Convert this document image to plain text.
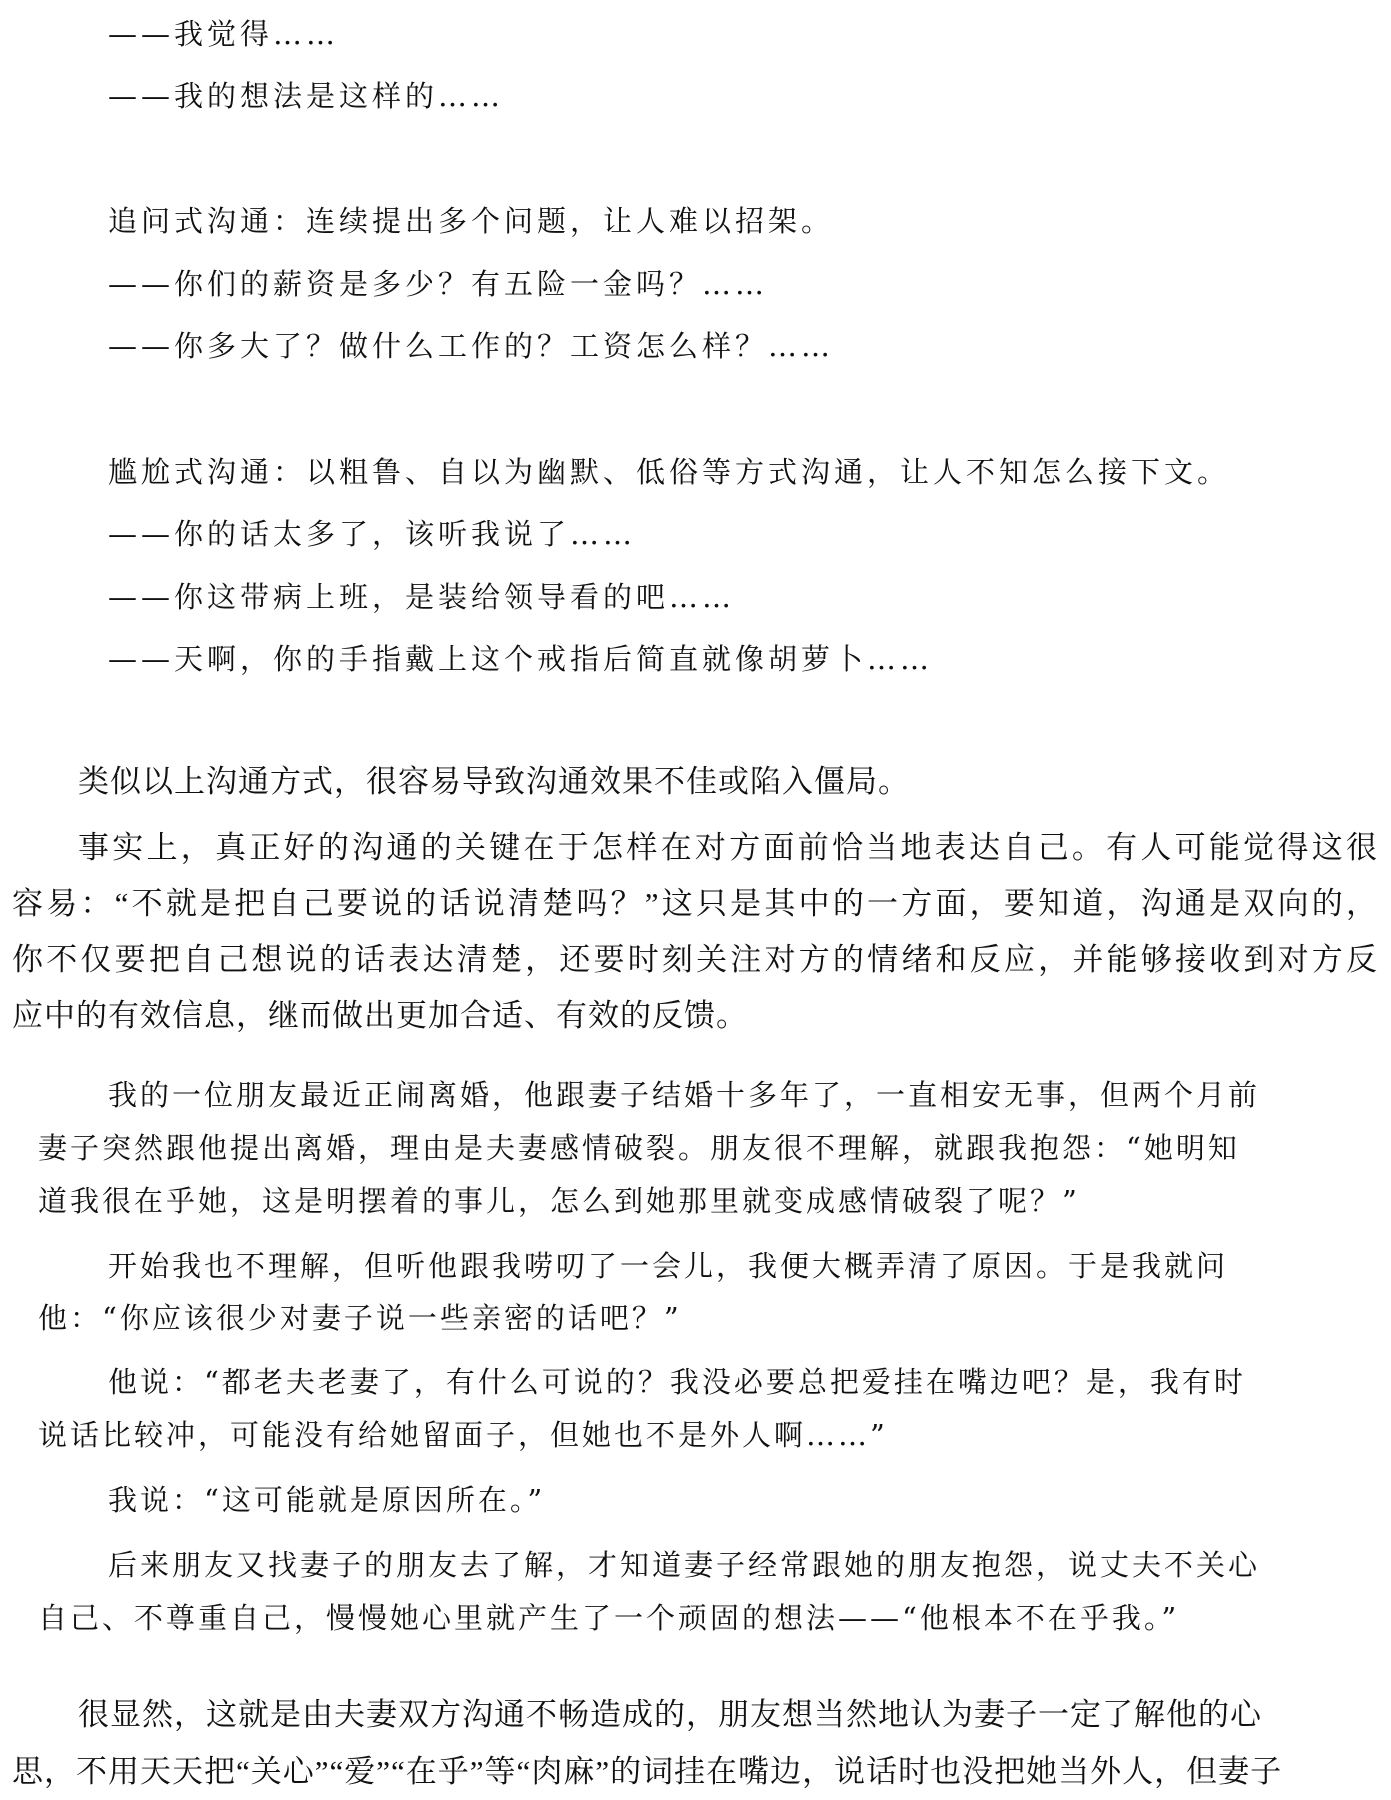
——我觉得……
——我的想法是这样的……
追问式沟通：连续提出多个问题，让人难以招架。
——你们的薪资是多少？有五险一金吗？……
——你多大了？做什么工作的？工资怎么样？……
尴尬式沟通：以粗鲁、自以为幽默、低俗等方式沟通，让人不知怎么接下文。
——你的话太多了，该听我说了……
——你这带病上班，是装给领导看的吧……
——天啊，你的手指戴上这个戒指后简直就像胡萝卜……
类似以上沟通方式，很容易导致沟通效果不佳或陷入僵局。
事实上，真正好的沟通的关键在于怎样在对方面前恰当地表达自己。有人可能觉得这很
容易：“不就是把自己要说的话说清楚吗？”这只是其中的一方面，要知道，沟通是双向的，
你不仅要把自己想说的话表达清楚，还要时刻关注对方的情绪和反应，并能够接收到对方反
应中的有效信息，继而做出更加合适、有效的反馈。
我的一位朋友最近正闹离婚，他跟妻子结婚十多年了，一直相安无事，但两个月前
妻子突然跟他提出离婚，理由是夫妻感情破裂。朋友很不理解，就跟我抱怨：“她明知
道我很在乎她，这是明摆着的事儿，怎么到她那里就变成感情破裂了呢？”
开始我也不理解，但听他跟我唠叨了一会儿，我便大概弄清了原因。于是我就问
他：“你应该很少对妻子说一些亲密的话吧？”
他说：“都老夫老妻了，有什么可说的？我没必要总把爱挂在嘴边吧？是，我有时
说话比较冲，可能没有给她留面子，但她也不是外人啊……”
我说：“这可能就是原因所在。”
后来朋友又找妻子的朋友去了解，才知道妻子经常跟她的朋友抱怨，说丈夫不关心
自己、不尊重自己，慢慢她心里就产生了一个顽固的想法——“他根本不在乎我。”
很显然，这就是由夫妻双方沟通不畅造成的，朋友想当然地认为妻子一定了解他的心
思，不用天天把“关心”“爱”“在乎”等“肉麻”的词挂在嘴边，说话时也没把她当外人，但妻子
